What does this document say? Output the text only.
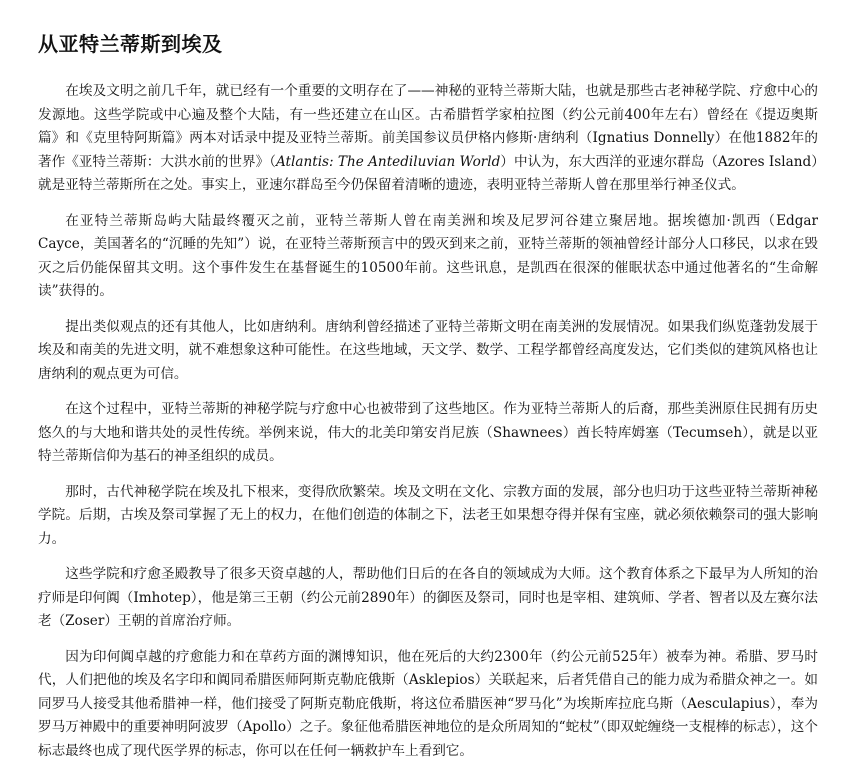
从亚特兰蒂斯到埃及

在埃及文明之前几千年，就已经有一个重要的文明存在了——神秘的亚特兰蒂斯大陆，也就是那些古老神秘学院、疗愈中心的发源地。这些学院或中心遍及整个大陆，有一些还建立在山区。古希腊哲学家柏拉图（约公元前400年左右）曾经在《提迈奥斯篇》和《克里特阿斯篇》两本对话录中提及亚特兰蒂斯。前美国参议员伊格内修斯·唐纳利（Ignatius Donnelly）在他1882年的著作《亚特兰蒂斯：大洪水前的世界》（Atlantis: The Antediluvian World）中认为，东大西洋的亚速尔群岛（Azores Island）就是亚特兰蒂斯所在之处。事实上，亚速尔群岛至今仍保留着清晰的遗迹，表明亚特兰蒂斯人曾在那里举行神圣仪式。

在亚特兰蒂斯岛屿大陆最终覆灭之前，亚特兰蒂斯人曾在南美洲和埃及尼罗河谷建立聚居地。据埃德加·凯西（Edgar Cayce，美国著名的“沉睡的先知”）说，在亚特兰蒂斯预言中的毁灭到来之前，亚特兰蒂斯的领袖曾经计部分人口移民，以求在毁灭之后仍能保留其文明。这个事件发生在基督诞生的10500年前。这些讯息，是凯西在很深的催眠状态中通过他著名的“生命解读”获得的。

提出类似观点的还有其他人，比如唐纳利。唐纳利曾经描述了亚特兰蒂斯文明在南美洲的发展情况。如果我们纵览蓬勃发展于埃及和南美的先进文明，就不难想象这种可能性。在这些地域，天文学、数学、工程学都曾经高度发达，它们类似的建筑风格也让唐纳利的观点更为可信。

在这个过程中，亚特兰蒂斯的神秘学院与疗愈中心也被带到了这些地区。作为亚特兰蒂斯人的后裔，那些美洲原住民拥有历史悠久的与大地和谐共处的灵性传统。举例来说，伟大的北美印第安肖尼族（Shawnees）酋长特库姆塞（Tecumseh），就是以亚特兰蒂斯信仰为基石的神圣组织的成员。

那时，古代神秘学院在埃及扎下根来，变得欣欣繁荣。埃及文明在文化、宗教方面的发展，部分也归功于这些亚特兰蒂斯神秘学院。后期，古埃及祭司掌握了无上的权力，在他们创造的体制之下，法老王如果想夺得并保有宝座，就必须依赖祭司的强大影响力。

这些学院和疗愈圣殿教导了很多天资卓越的人，帮助他们日后的在各自的领域成为大师。这个教育体系之下最早为人所知的治疗师是印何阗（Imhotep），他是第三王朝（约公元前2890年）的御医及祭司，同时也是宰相、建筑师、学者、智者以及左赛尔法老（Zoser）王朝的首席治疗师。

因为印何阗卓越的疗愈能力和在草药方面的渊博知识，他在死后的大约2300年（约公元前525年）被奉为神。希腊、罗马时代，人们把他的埃及名字印和阗同希腊医师阿斯克勒庇俄斯（Asklepios）关联起来，后者凭借自己的能力成为希腊众神之一。如同罗马人接受其他希腊神一样，他们接受了阿斯克勒庇俄斯，将这位希腊医神“罗马化”为埃斯库拉庇乌斯（Aesculapius），奉为罗马万神殿中的重要神明阿波罗（Apollo）之子。象征他希腊医神地位的是众所周知的“蛇杖”（即双蛇缠绕一支棍棒的标志），这个标志最终也成了现代医学界的标志，你可以在任何一辆救护车上看到它。
